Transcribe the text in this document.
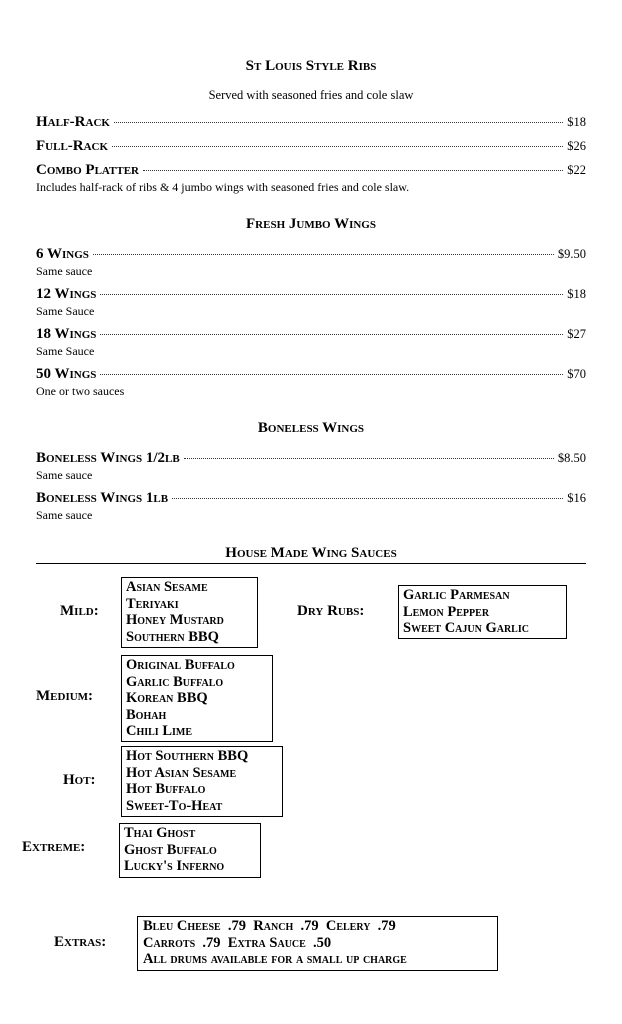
St Louis Style Ribs
Served with seasoned fries and cole slaw
Half-Rack	$18
Full-Rack	$26
Combo Platter	$22
Includes half-rack of ribs & 4 jumbo wings with seasoned fries and cole slaw.
Fresh Jumbo Wings
6 Wings	$9.50
Same sauce
12 Wings	$18
Same Sauce
18 Wings	$27
Same Sauce
50 Wings	$70
One or two sauces
Boneless Wings
Boneless Wings 1/2lb	$8.50
Same sauce
Boneless Wings 1lb	$16
Same sauce
House Made Wing Sauces
Mild:
Asian Sesame
Teriyaki
Honey Mustard
Southern BBQ
Dry Rubs:
Garlic Parmesan
Lemon Pepper
Sweet Cajun Garlic
Medium:
Original Buffalo
Garlic Buffalo
Korean BBQ
Bohah
Chili Lime
Hot:
Hot Southern BBQ
Hot Asian Sesame
Hot Buffalo
Sweet-To-Heat
Extreme:
Thai Ghost
Ghost Buffalo
Lucky's Inferno
Extras:
Bleu Cheese  .79  Ranch  .79  Celery  .79
Carrots  .79  Extra Sauce  .50
All drums available for a small up charge
